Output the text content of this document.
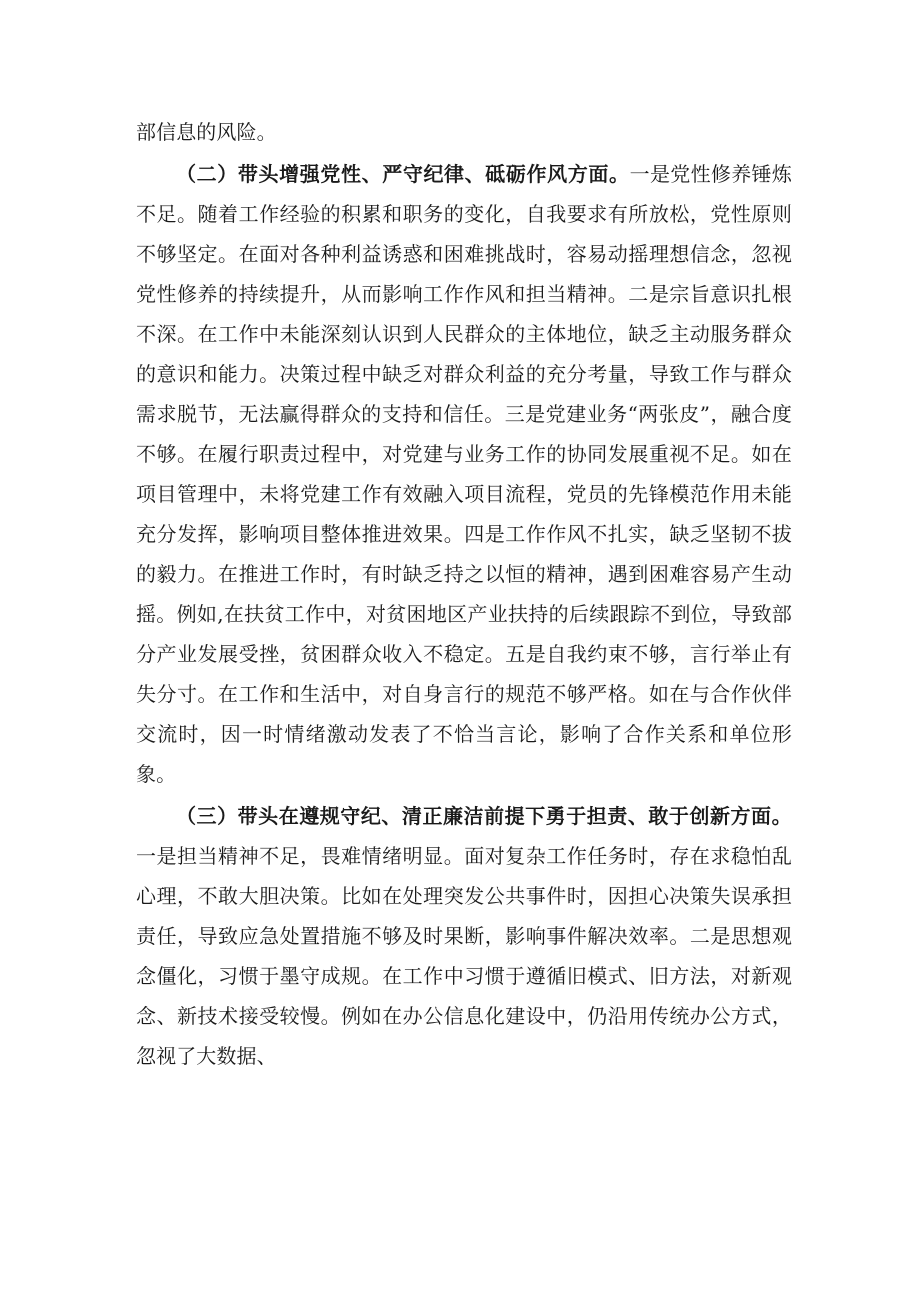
部信息的风险。

（二）带头增强党性、严守纪律、砥砺作风方面。一是党性修养锤炼不足。随着工作经验的积累和职务的变化，自我要求有所放松，党性原则不够坚定。在面对各种利益诱惑和困难挑战时，容易动摇理想信念，忽视党性修养的持续提升，从而影响工作作风和担当精神。二是宗旨意识扎根不深。在工作中未能深刻认识到人民群众的主体地位，缺乏主动服务群众的意识和能力。决策过程中缺乏对群众利益的充分考量，导致工作与群众需求脱节，无法赢得群众的支持和信任。三是党建业务“两张皮”，融合度不够。在履行职责过程中，对党建与业务工作的协同发展重视不足。如在项目管理中，未将党建工作有效融入项目流程，党员的先锋模范作用未能充分发挥，影响项目整体推进效果。四是工作作风不扎实，缺乏坚韧不拔的毅力。在推进工作时，有时缺乏持之以恒的精神，遇到困难容易产生动摇。例如,在扶贫工作中，对贫困地区产业扶持的后续跟踪不到位，导致部分产业发展受挫，贫困群众收入不稳定。五是自我约束不够，言行举止有失分寸。在工作和生活中，对自身言行的规范不够严格。如在与合作伙伴交流时，因一时情绪激动发表了不恰当言论，影响了合作关系和单位形象。

（三）带头在遵规守纪、清正廉洁前提下勇于担责、敢于创新方面。一是担当精神不足，畏难情绪明显。面对复杂工作任务时，存在求稳怕乱心理，不敢大胆决策。比如在处理突发公共事件时，因担心决策失误承担责任，导致应急处置措施不够及时果断，影响事件解决效率。二是思想观念僵化，习惯于墨守成规。在工作中习惯于遵循旧模式、旧方法，对新观念、新技术接受较慢。例如在办公信息化建设中，仍沿用传统办公方式，忽视了大数据、
